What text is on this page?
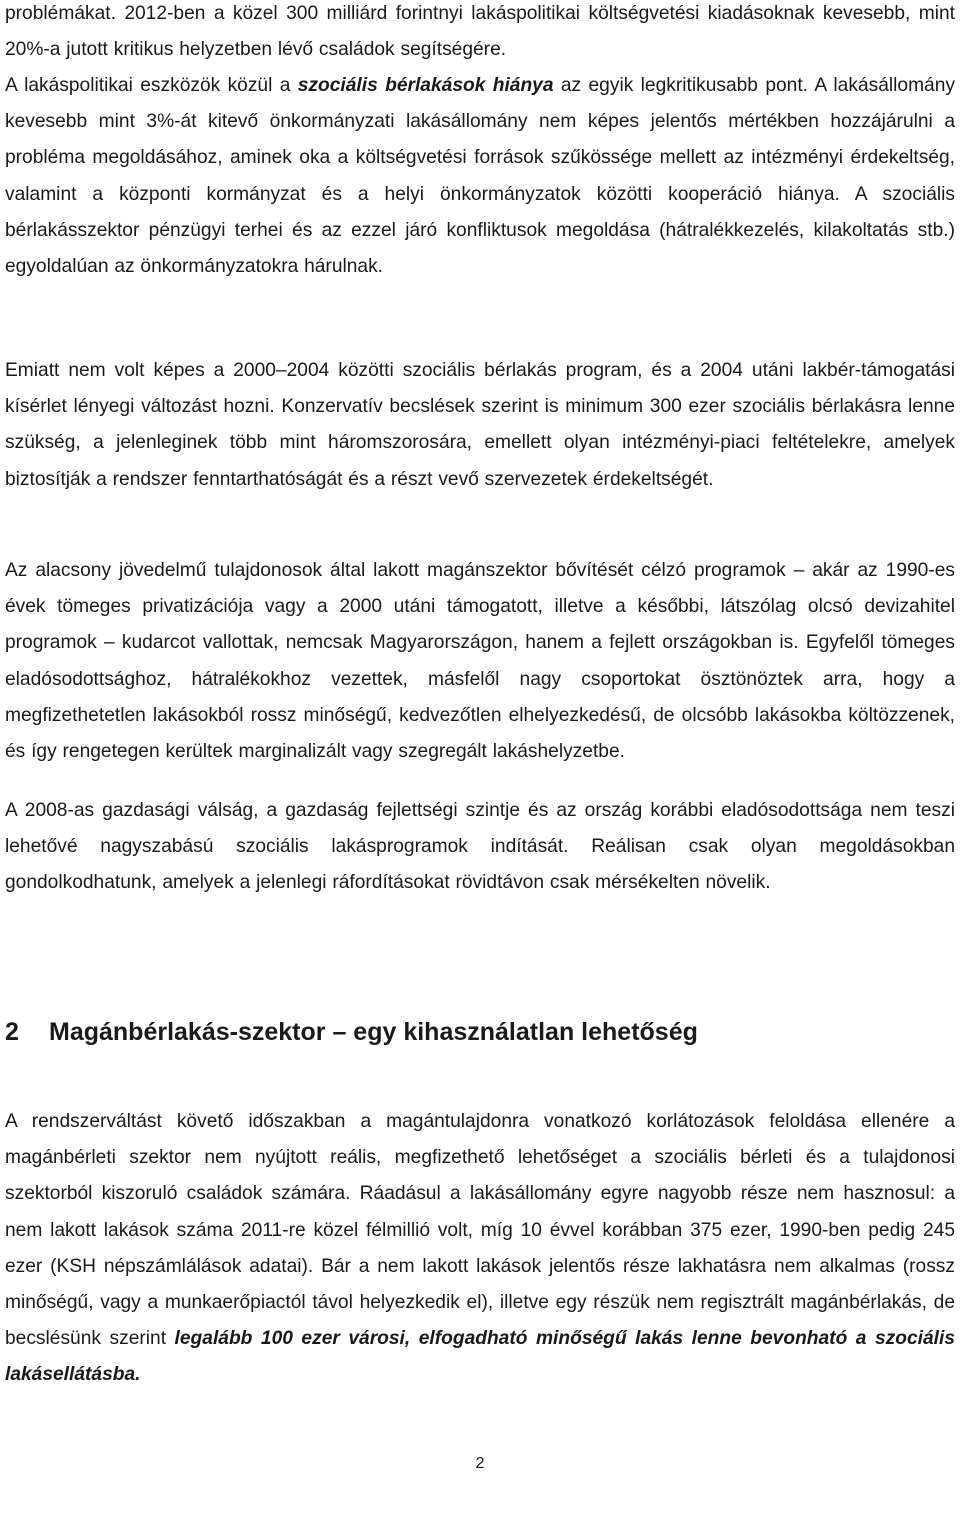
problémákat. 2012-ben a közel 300 milliárd forintnyi lakáspolitikai költségvetési kiadásoknak kevesebb, mint 20%-a jutott kritikus helyzetben lévő családok segítségére.

A lakáspolitikai eszközök közül a szociális bérlakások hiánya az egyik legkritikusabb pont. A lakásállomány kevesebb mint 3%-át kitevő önkormányzati lakásállomány nem képes jelentős mértékben hozzájárulni a probléma megoldásához, aminek oka a költségvetési források szűkössége mellett az intézményi érdekeltség, valamint a központi kormányzat és a helyi önkormányzatok közötti kooperáció hiánya. A szociális bérlakásszektor pénzügyi terhei és az ezzel járó konfliktusok megoldása (hátralékkezelés, kilakoltatás stb.) egyoldalúan az önkormányzatokra hárulnak.

Emiatt nem volt képes a 2000–2004 közötti szociális bérlakás program, és a 2004 utáni lakbér-támogatási kísérlet lényegi változást hozni. Konzervatív becslések szerint is minimum 300 ezer szociális bérlakásra lenne szükség, a jelenleginek több mint háromszorosára, emellett olyan intézményi-piaci feltételekre, amelyek biztosítják a rendszer fenntarthatóságát és a részt vevő szervezetek érdekeltségét.

Az alacsony jövedelmű tulajdonosok által lakott magánszektor bővítését célzó programok – akár az 1990-es évek tömeges privatizációja vagy a 2000 utáni támogatott, illetve a későbbi, látszólag olcsó devizahitel programok – kudarcot vallottak, nemcsak Magyarországon, hanem a fejlett országokban is. Egyfelől tömeges eladósodottsághoz, hátralékokhoz vezettek, másfelől nagy csoportokat ösztönöztek arra, hogy a megfizethetetlen lakásokból rossz minőségű, kedvezőtlen elhelyezkedésű, de olcsóbb lakásokba költözzenek, és így rengetegen kerültek marginalizált vagy szegregált lakáshelyzetbe.

A 2008-as gazdasági válság, a gazdaság fejlettségi szintje és az ország korábbi eladósodottsága nem teszi lehetővé nagyszabású szociális lakásprogramok indítását. Reálisan csak olyan megoldásokban gondolkodhatunk, amelyek a jelenlegi ráfordításokat rövidtávon csak mérsékelten növelik.

2 Magánbérlakás-szektor – egy kihasználatlan lehetőség

A rendszerváltást követő időszakban a magántulajdonra vonatkozó korlátozások feloldása ellenére a magánbérleti szektor nem nyújtott reális, megfizethető lehetőséget a szociális bérleti és a tulajdonosi szektorból kiszoruló családok számára. Ráadásul a lakásállomány egyre nagyobb része nem hasznosul: a nem lakott lakások száma 2011-re közel félmillió volt, míg 10 évvel korábban 375 ezer, 1990-ben pedig 245 ezer (KSH népszámlálások adatai). Bár a nem lakott lakások jelentős része lakhatásra nem alkalmas (rossz minőségű, vagy a munkaerőpiactól távol helyezkedik el), illetve egy részük nem regisztrált magánbérlakás, de becslésünk szerint legalább 100 ezer városi, elfogadható minőségű lakás lenne bevonható a szociális lakásellátásba.

2
